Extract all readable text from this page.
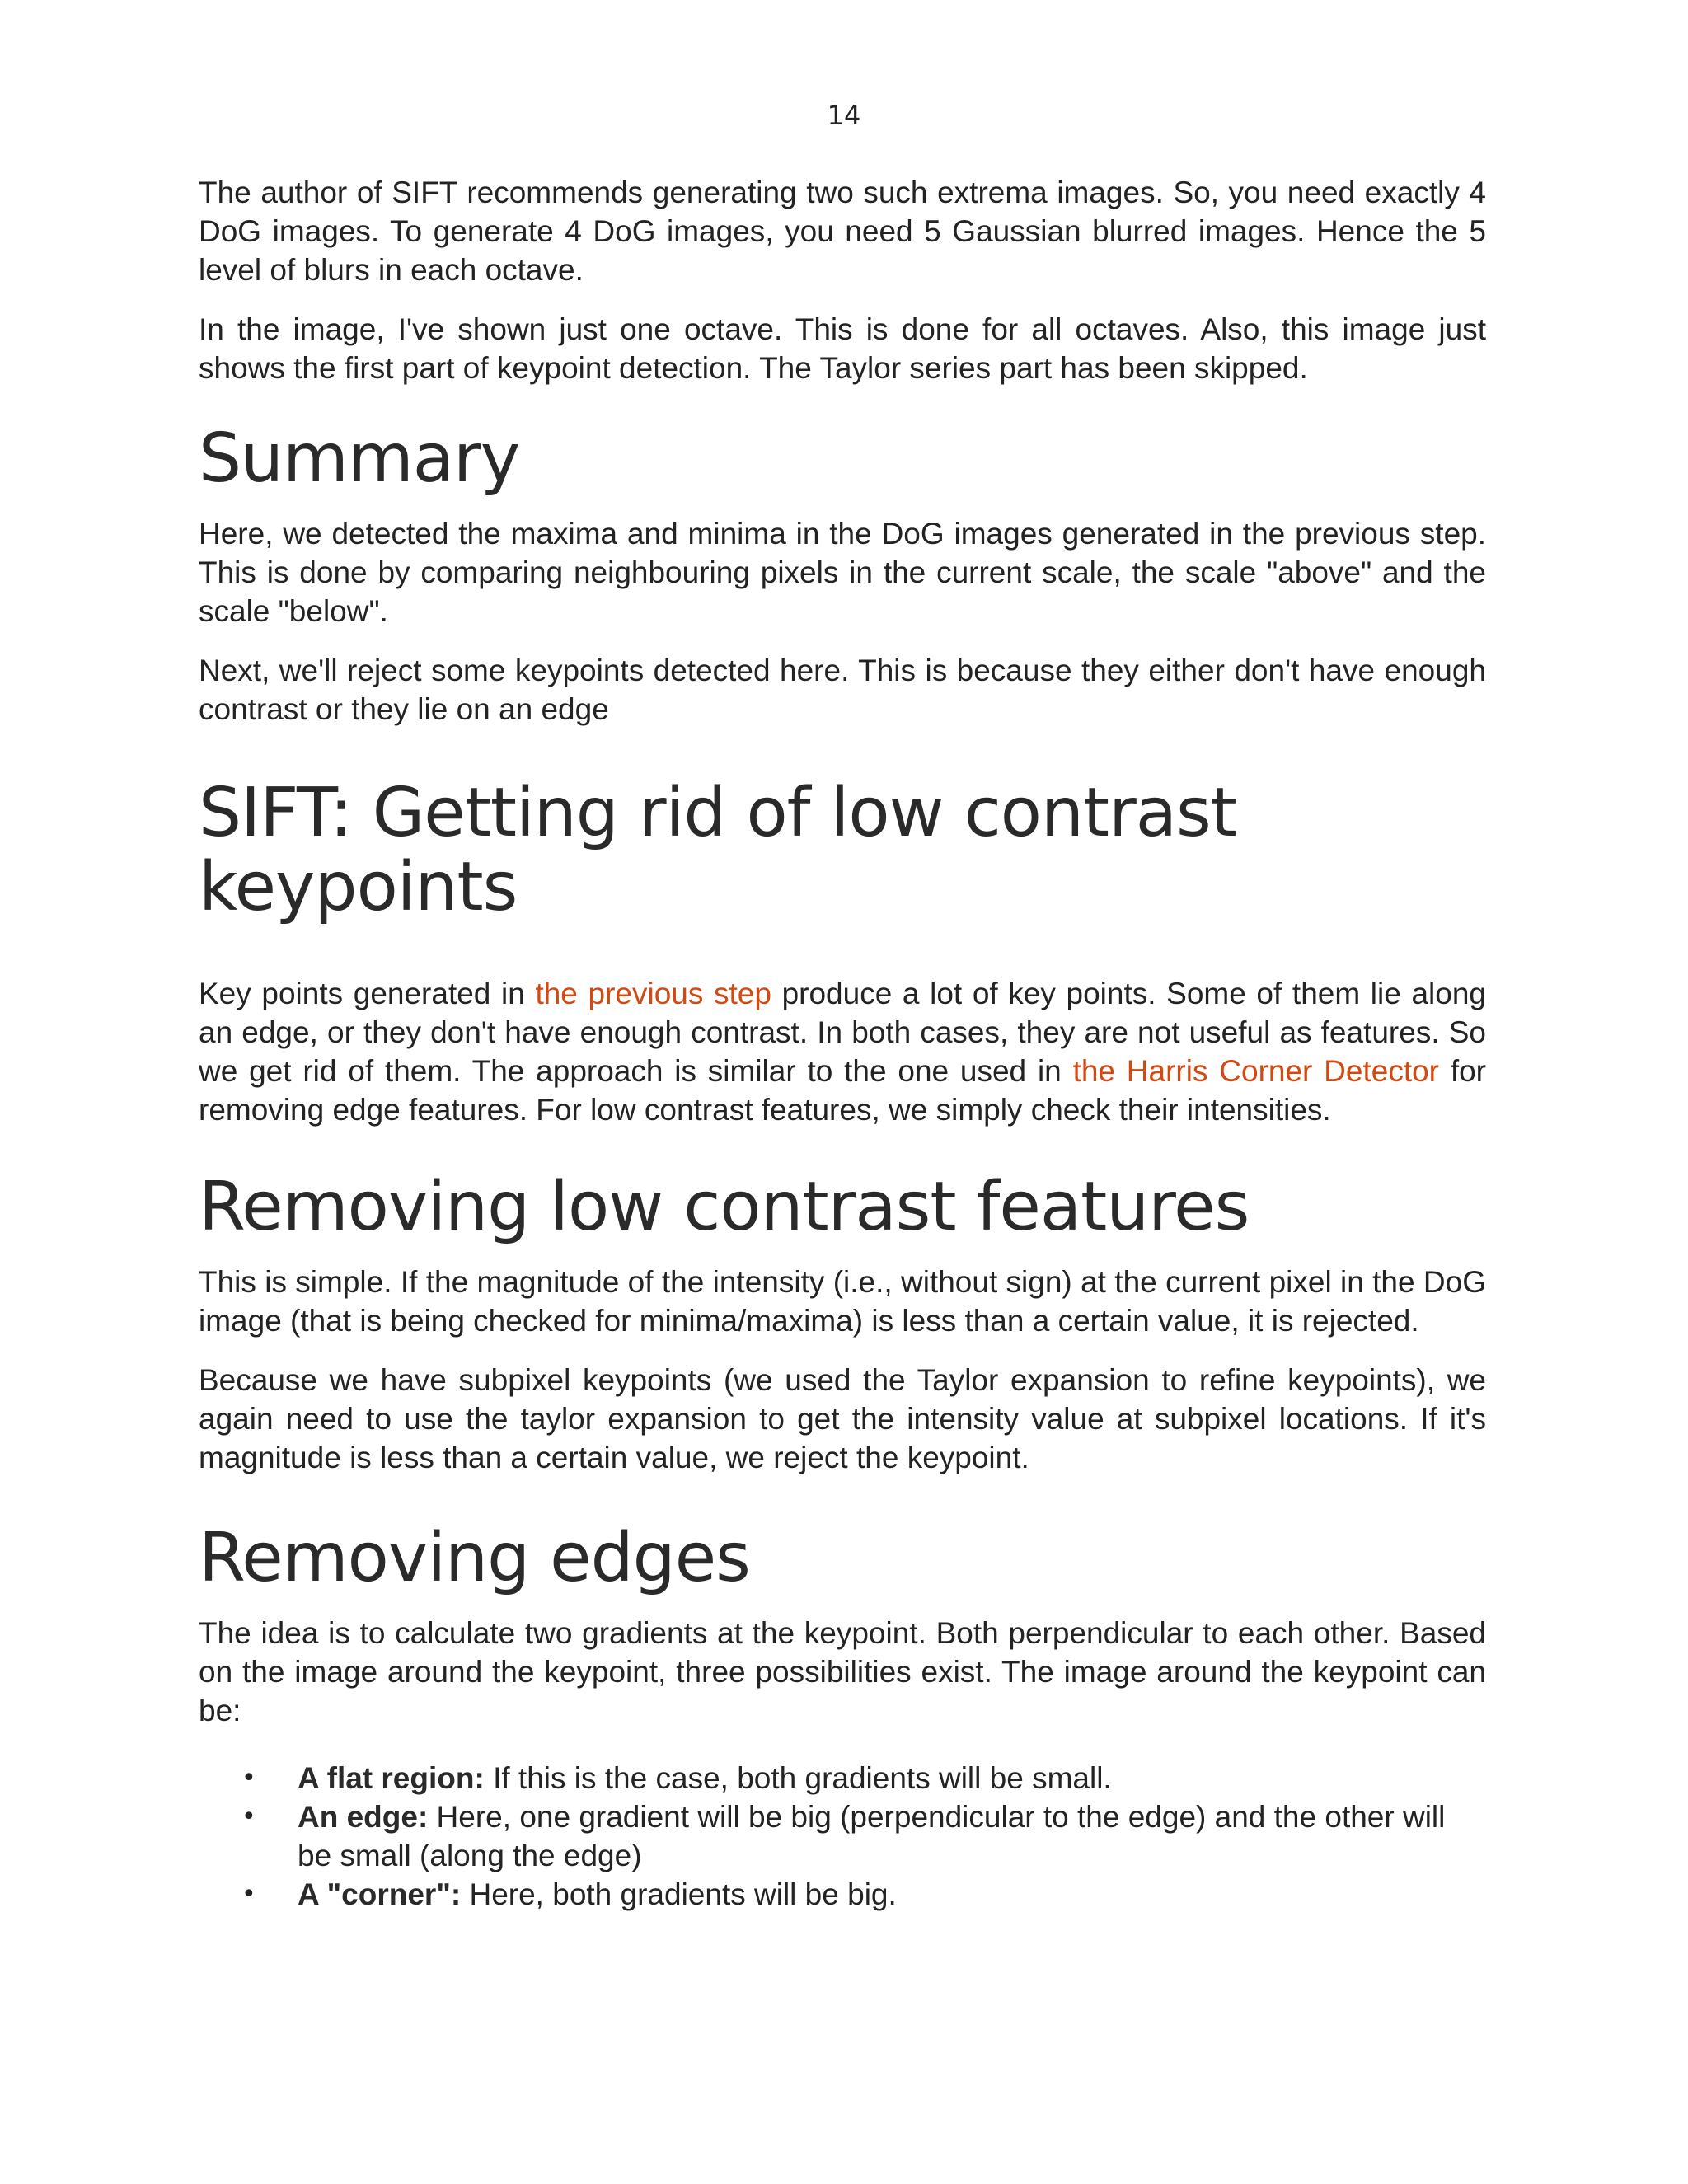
14

The author of SIFT recommends generating two such extrema images. So, you need exactly 4 DoG images. To generate 4 DoG images, you need 5 Gaussian blurred images. Hence the 5 level of blurs in each octave.

In the image, I've shown just one octave. This is done for all octaves. Also, this image just shows the first part of keypoint detection. The Taylor series part has been skipped.

Summary

Here, we detected the maxima and minima in the DoG images generated in the previous step. This is done by comparing neighbouring pixels in the current scale, the scale "above" and the scale "below".

Next, we'll reject some keypoints detected here. This is because they either don't have enough contrast or they lie on an edge

SIFT: Getting rid of low contrast keypoints

Key points generated in the previous step produce a lot of key points. Some of them lie along an edge, or they don't have enough contrast. In both cases, they are not useful as features. So we get rid of them. The approach is similar to the one used in the Harris Corner Detector for removing edge features. For low contrast features, we simply check their intensities.

Removing low contrast features

This is simple. If the magnitude of the intensity (i.e., without sign) at the current pixel in the DoG image (that is being checked for minima/maxima) is less than a certain value, it is rejected.

Because we have subpixel keypoints (we used the Taylor expansion to refine keypoints), we again need to use the taylor expansion to get the intensity value at subpixel locations. If it's magnitude is less than a certain value, we reject the keypoint.

Removing edges

The idea is to calculate two gradients at the keypoint. Both perpendicular to each other. Based on the image around the keypoint, three possibilities exist. The image around the keypoint can be:

• A flat region: If this is the case, both gradients will be small.
• An edge: Here, one gradient will be big (perpendicular to the edge) and the other will be small (along the edge)
• A "corner": Here, both gradients will be big.
